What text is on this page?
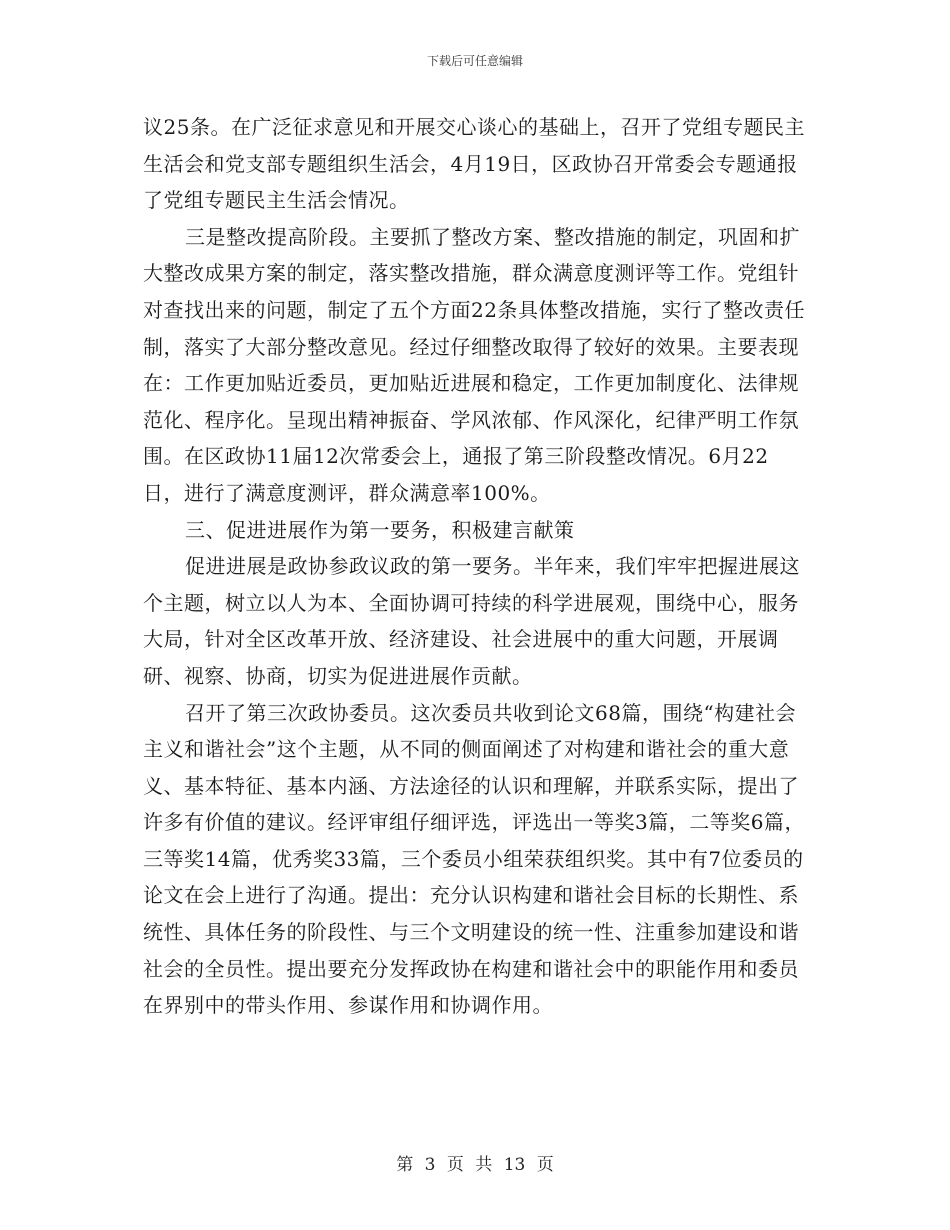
下载后可任意编辑

议25条。在广泛征求意见和开展交心谈心的基础上，召开了党组专题民主生活会和党支部专题组织生活会，4月19日，区政协召开常委会专题通报了党组专题民主生活会情况。

三是整改提高阶段。主要抓了整改方案、整改措施的制定，巩固和扩大整改成果方案的制定，落实整改措施，群众满意度测评等工作。党组针对查找出来的问题，制定了五个方面22条具体整改措施，实行了整改责任制，落实了大部分整改意见。经过仔细整改取得了较好的效果。主要表现在：工作更加贴近委员，更加贴近进展和稳定，工作更加制度化、法律规范化、程序化。呈现出精神振奋、学风浓郁、作风深化，纪律严明工作氛围。在区政协11届12次常委会上，通报了第三阶段整改情况。6月22日，进行了满意度测评，群众满意率100%。

三、促进进展作为第一要务，积极建言献策

促进进展是政协参政议政的第一要务。半年来，我们牢牢把握进展这个主题，树立以人为本、全面协调可持续的科学进展观，围绕中心，服务大局，针对全区改革开放、经济建设、社会进展中的重大问题，开展调研、视察、协商，切实为促进进展作贡献。

召开了第三次政协委员。这次委员共收到论文68篇，围绕“构建社会主义和谐社会”这个主题，从不同的侧面阐述了对构建和谐社会的重大意义、基本特征、基本内涵、方法途径的认识和理解，并联系实际，提出了许多有价值的建议。经评审组仔细评选，评选出一等奖3篇，二等奖6篇，三等奖14篇，优秀奖33篇，三个委员小组荣获组织奖。其中有7位委员的论文在会上进行了沟通。提出：充分认识构建和谐社会目标的长期性、系统性、具体任务的阶段性、与三个文明建设的统一性、注重参加建设和谐社会的全员性。提出要充分发挥政协在构建和谐社会中的职能作用和委员在界别中的带头作用、参谋作用和协调作用。

第 3 页 共 13 页
